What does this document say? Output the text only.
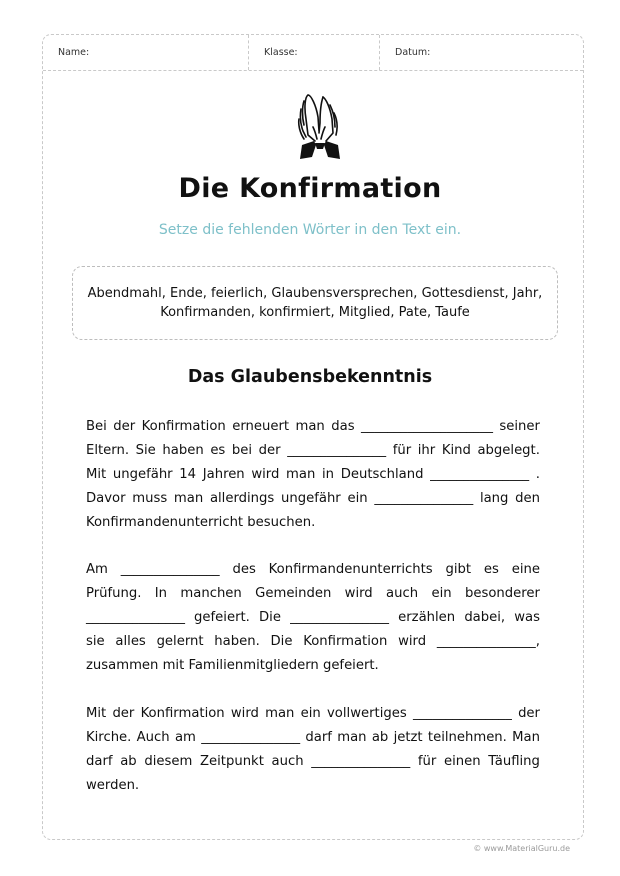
Name:	Klasse:	Datum:
Die Konfirmation
Setze die fehlenden Wörter in den Text ein.
Abendmahl, Ende, feierlich, Glaubensversprechen, Gottesdienst, Jahr,
Konfirmanden, konfirmiert, Mitglied, Pate, Taufe
Das Glaubensbekenntnis
Bei der Konfirmation erneuert man das ____________________ seiner
Eltern. Sie haben es bei der _______________ für ihr Kind abgelegt.
Mit ungefähr 14 Jahren wird man in Deutschland _______________ .
Davor muss man allerdings ungefähr ein _______________ lang den
Konfirmandenunterricht besuchen.
Am _______________ des Konfirmandenunterrichts gibt es eine
Prüfung. In manchen Gemeinden wird auch ein besonderer
_______________ gefeiert. Die _______________ erzählen dabei, was
sie alles gelernt haben. Die Konfirmation wird _______________,
zusammen mit Familienmitgliedern gefeiert.
Mit der Konfirmation wird man ein vollwertiges _______________ der
Kirche. Auch am _______________ darf man ab jetzt teilnehmen. Man
darf ab diesem Zeitpunkt auch _______________ für einen Täufling
werden.
© www.MaterialGuru.de
